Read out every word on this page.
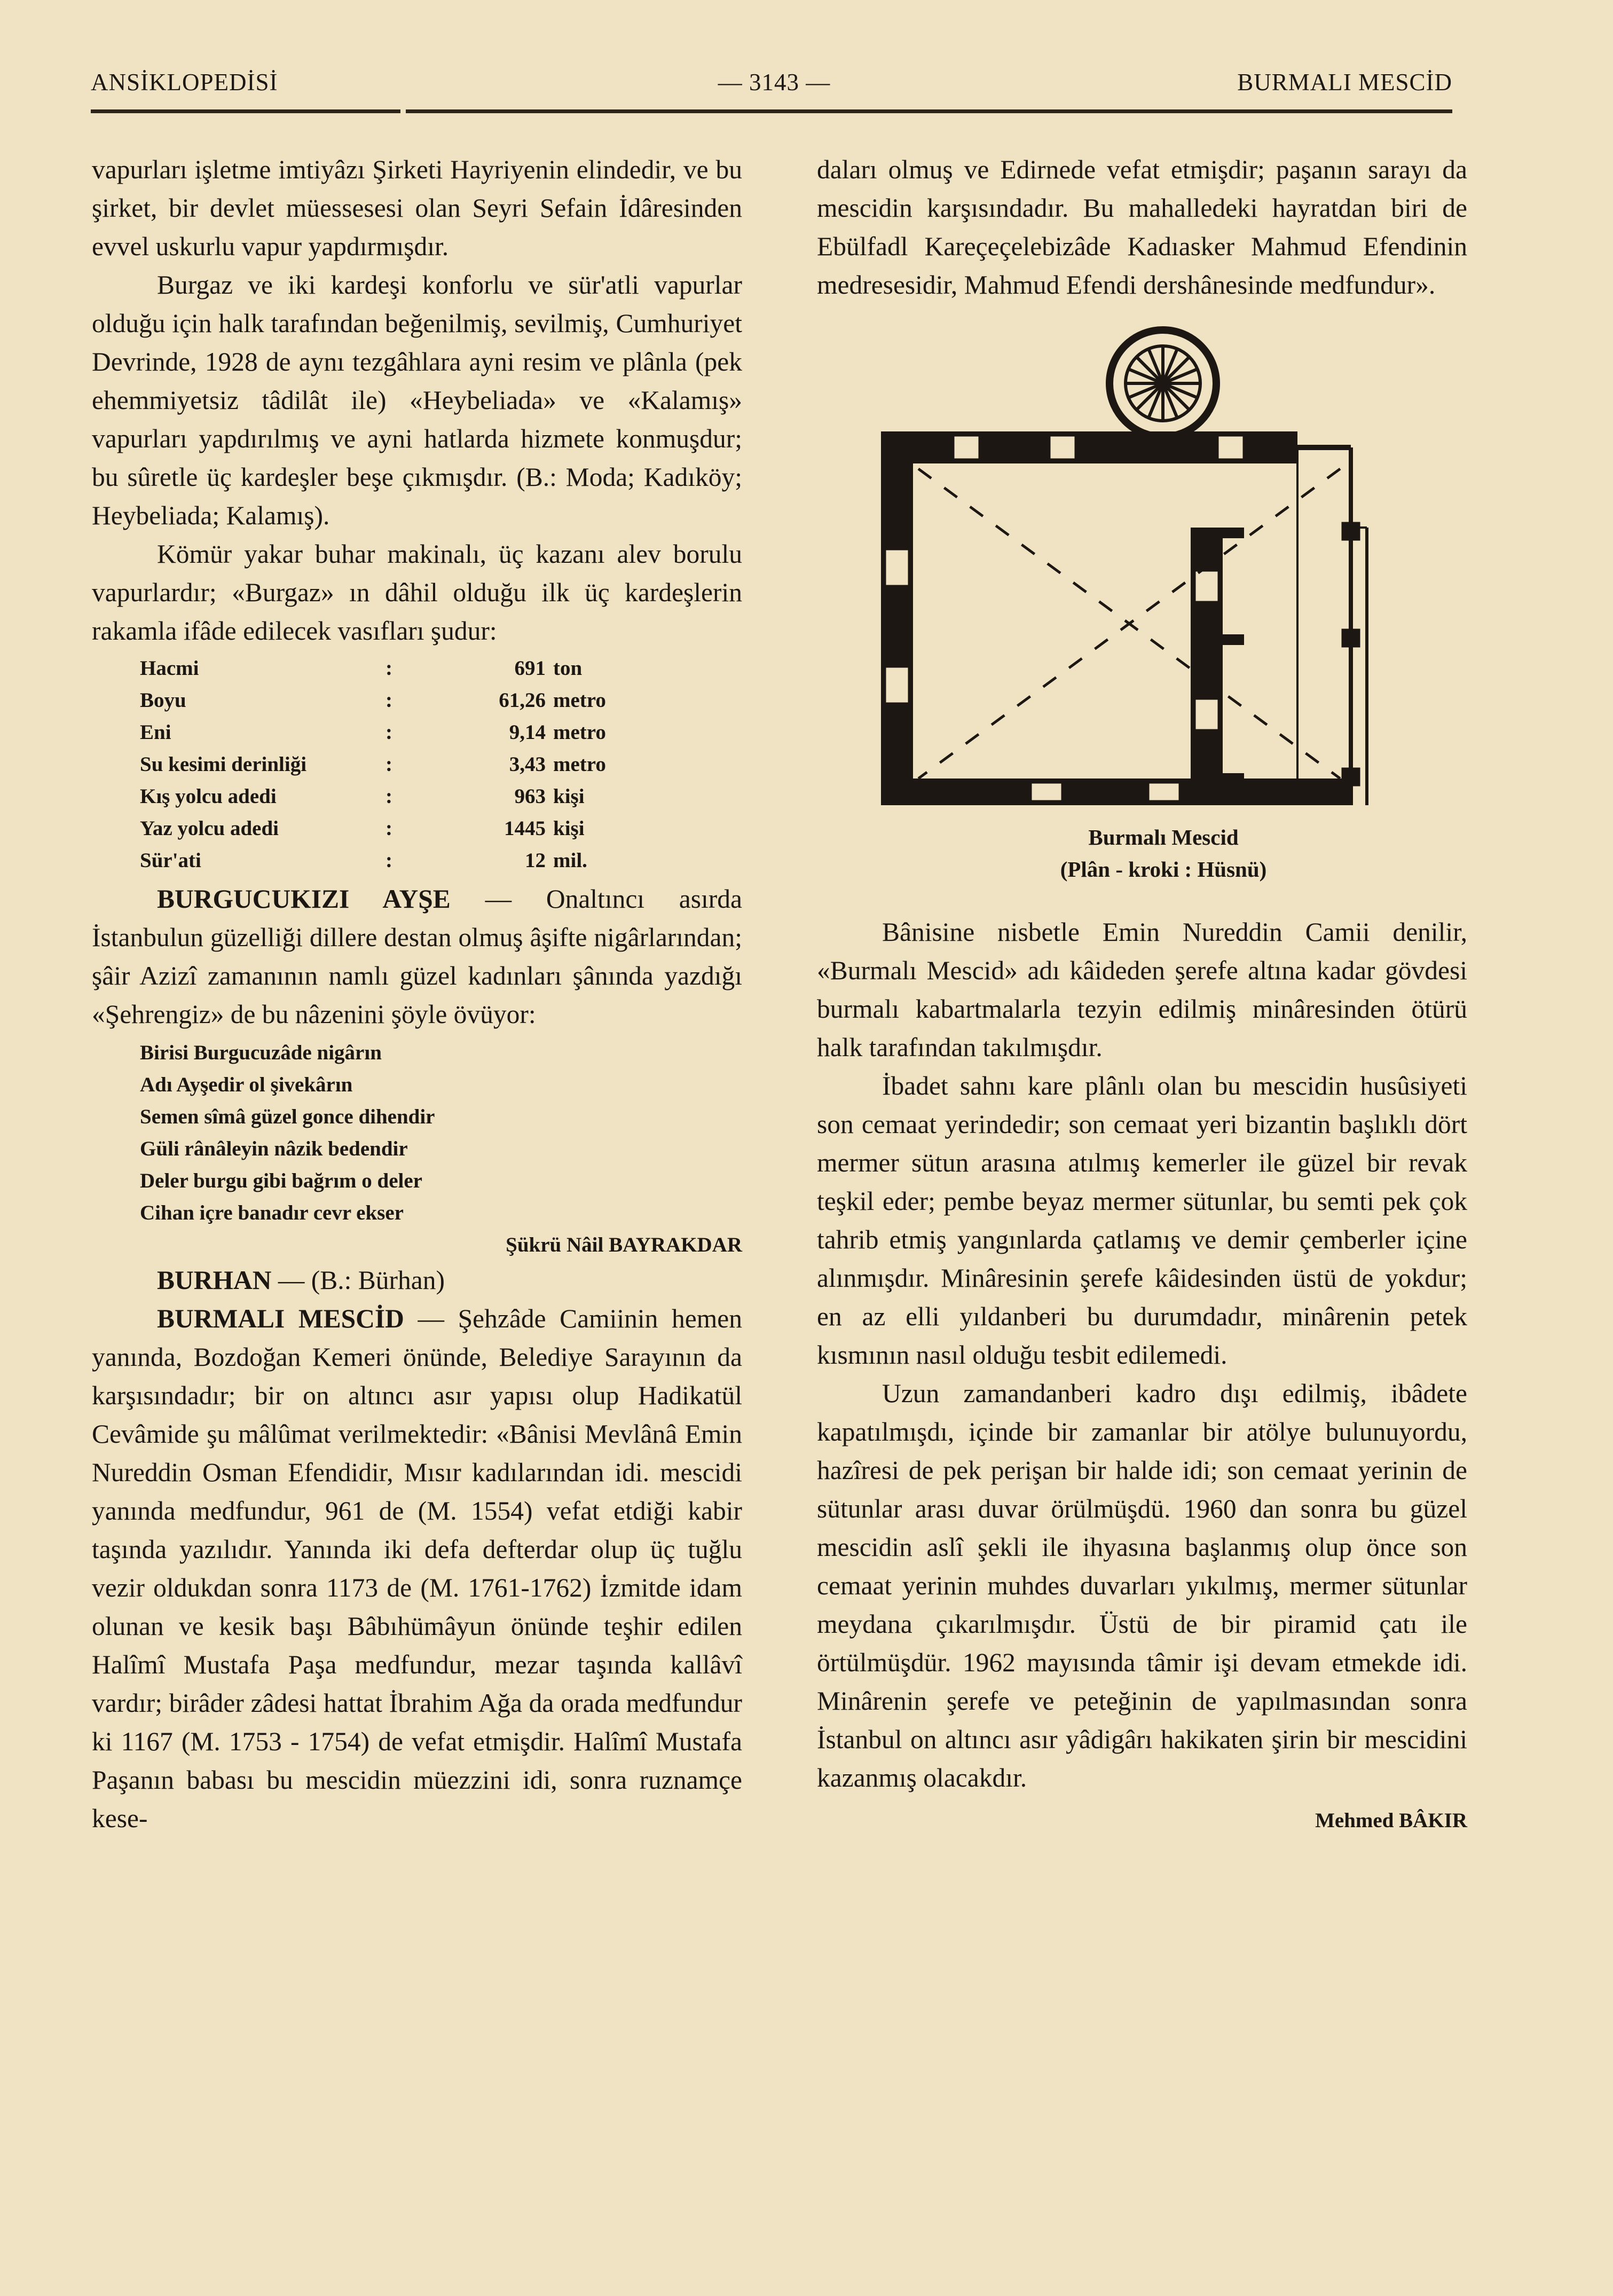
ANSİKLOPEDİSİ	— 3143 —	BURMALI MESCİD

vapurları işletme imtiyâzı Şirketi Hayriyenin elindedir, ve bu şirket, bir devlet müessesesi olan Seyri Sefain İdâresinden evvel uskurlu vapur yapdırmışdır.

Burgaz ve iki kardeşi konforlu ve sür'atli vapurlar olduğu için halk tarafından beğenilmiş, sevilmiş, Cumhuriyet Devrinde, 1928 de aynı tezgâhlara ayni resim ve plânla (pek ehemmiyetsiz tâdilât ile) «Heybeliada» ve «Kalamış» vapurları yapdırılmış ve ayni hatlarda hizmete konmuşdur; bu sûretle üç kardeşler beşe çıkmışdır. (B.: Moda; Kadıköy; Heybeliada; Kalamış).

Kömür yakar buhar makinalı, üç kazanı alev borulu vapurlardır; «Burgaz» ın dâhil olduğu ilk üç kardeşlerin rakamla ifâde edilecek vasıfları şudur:

Hacmi	:	691	ton
Boyu	:	61,26	metro
Eni	:	9,14	metro
Su kesimi derinliği	:	3,43	metro
Kış yolcu adedi	:	963	kişi
Yaz yolcu adedi	:	1445	kişi
Sür'ati	:	12	mil.

BURGUCUKIZI AYŞE — Onaltıncı asırda İstanbulun güzelliği dillere destan olmuş âşifte nigârlarından; şâir Azizî zamanının namlı güzel kadınları şânında yazdığı «Şehrengiz» de bu nâzenini şöyle övüyor:

Birisi Burgucuzâde nigârın
Adı Ayşedir ol şivekârın
Semen sîmâ güzel gonce dihendir
Güli rânâleyin nâzik bedendir
Deler burgu gibi bağrım o deler
Cihan içre banadır cevr ekser
Şükrü Nâil BAYRAKDAR

BURHAN — (B.: Bürhan)

BURMALI MESCİD — Şehzâde Camiinin hemen yanında, Bozdoğan Kemeri önünde, Belediye Sarayının da karşısındadır; bir on altıncı asır yapısı olup Hadikatül Cevâmide şu mâlûmat verilmektedir: «Bânisi Mevlânâ Emin Nureddin Osman Efendidir, Mısır kadılarından idi. mescidi yanında medfundur, 961 de (M. 1554) vefat etdiği kabir taşında yazılıdır. Yanında iki defa defterdar olup üç tuğlu vezir oldukdan sonra 1173 de (M. 1761-1762) İzmitde idam olunan ve kesik başı Bâbıhümâyun önünde teşhir edilen Halîmî Mustafa Paşa medfundur, mezar taşında kallâvî vardır; birâder zâdesi hattat İbrahim Ağa da orada medfundur ki 1167 (M. 1753 - 1754) de vefat etmişdir. Halîmî Mustafa Paşanın babası bu mescidin müezzini idi, sonra ruznamçe kese-

daları olmuş ve Edirnede vefat etmişdir; paşanın sarayı da mescidin karşısındadır. Bu mahalledeki hayratdan biri de Ebülfadl Kareçeçelebizâde Kadıasker Mahmud Efendinin medresesidir, Mahmud Efendi dershânesinde medfundur».

Burmalı Mescid
(Plân - kroki : Hüsnü)

Bânisine nisbetle Emin Nureddin Camii denilir, «Burmalı Mescid» adı kâideden şerefe altına kadar gövdesi burmalı kabartmalarla tezyin edilmiş minâresinden ötürü halk tarafından takılmışdır.

İbadet sahnı kare plânlı olan bu mescidin husûsiyeti son cemaat yerindedir; son cemaat yeri bizantin başlıklı dört mermer sütun arasına atılmış kemerler ile güzel bir revak teşkil eder; pembe beyaz mermer sütunlar, bu semti pek çok tahrib etmiş yangınlarda çatlamış ve demir çemberler içine alınmışdır. Minâresinin şerefe kâidesinden üstü de yokdur; en az elli yıldanberi bu durumdadır, minârenin petek kısmının nasıl olduğu tesbit edilemedi.

Uzun zamandanberi kadro dışı edilmiş, ibâdete kapatılmışdı, içinde bir zamanlar bir atölye bulunuyordu, hazîresi de pek perişan bir halde idi; son cemaat yerinin de sütunlar arası duvar örülmüşdü. 1960 dan sonra bu güzel mescidin aslî şekli ile ihyasına başlanmış olup önce son cemaat yerinin muhdes duvarları yıkılmış, mermer sütunlar meydana çıkarılmışdır. Üstü de bir piramid çatı ile örtülmüşdür. 1962 mayısında tâmir işi devam etmekde idi. Minârenin şerefe ve peteğinin de yapılmasından sonra İstanbul on altıncı asır yâdigârı hakikaten şirin bir mescidini kazanmış olacakdır.

Mehmed BÂKIR
